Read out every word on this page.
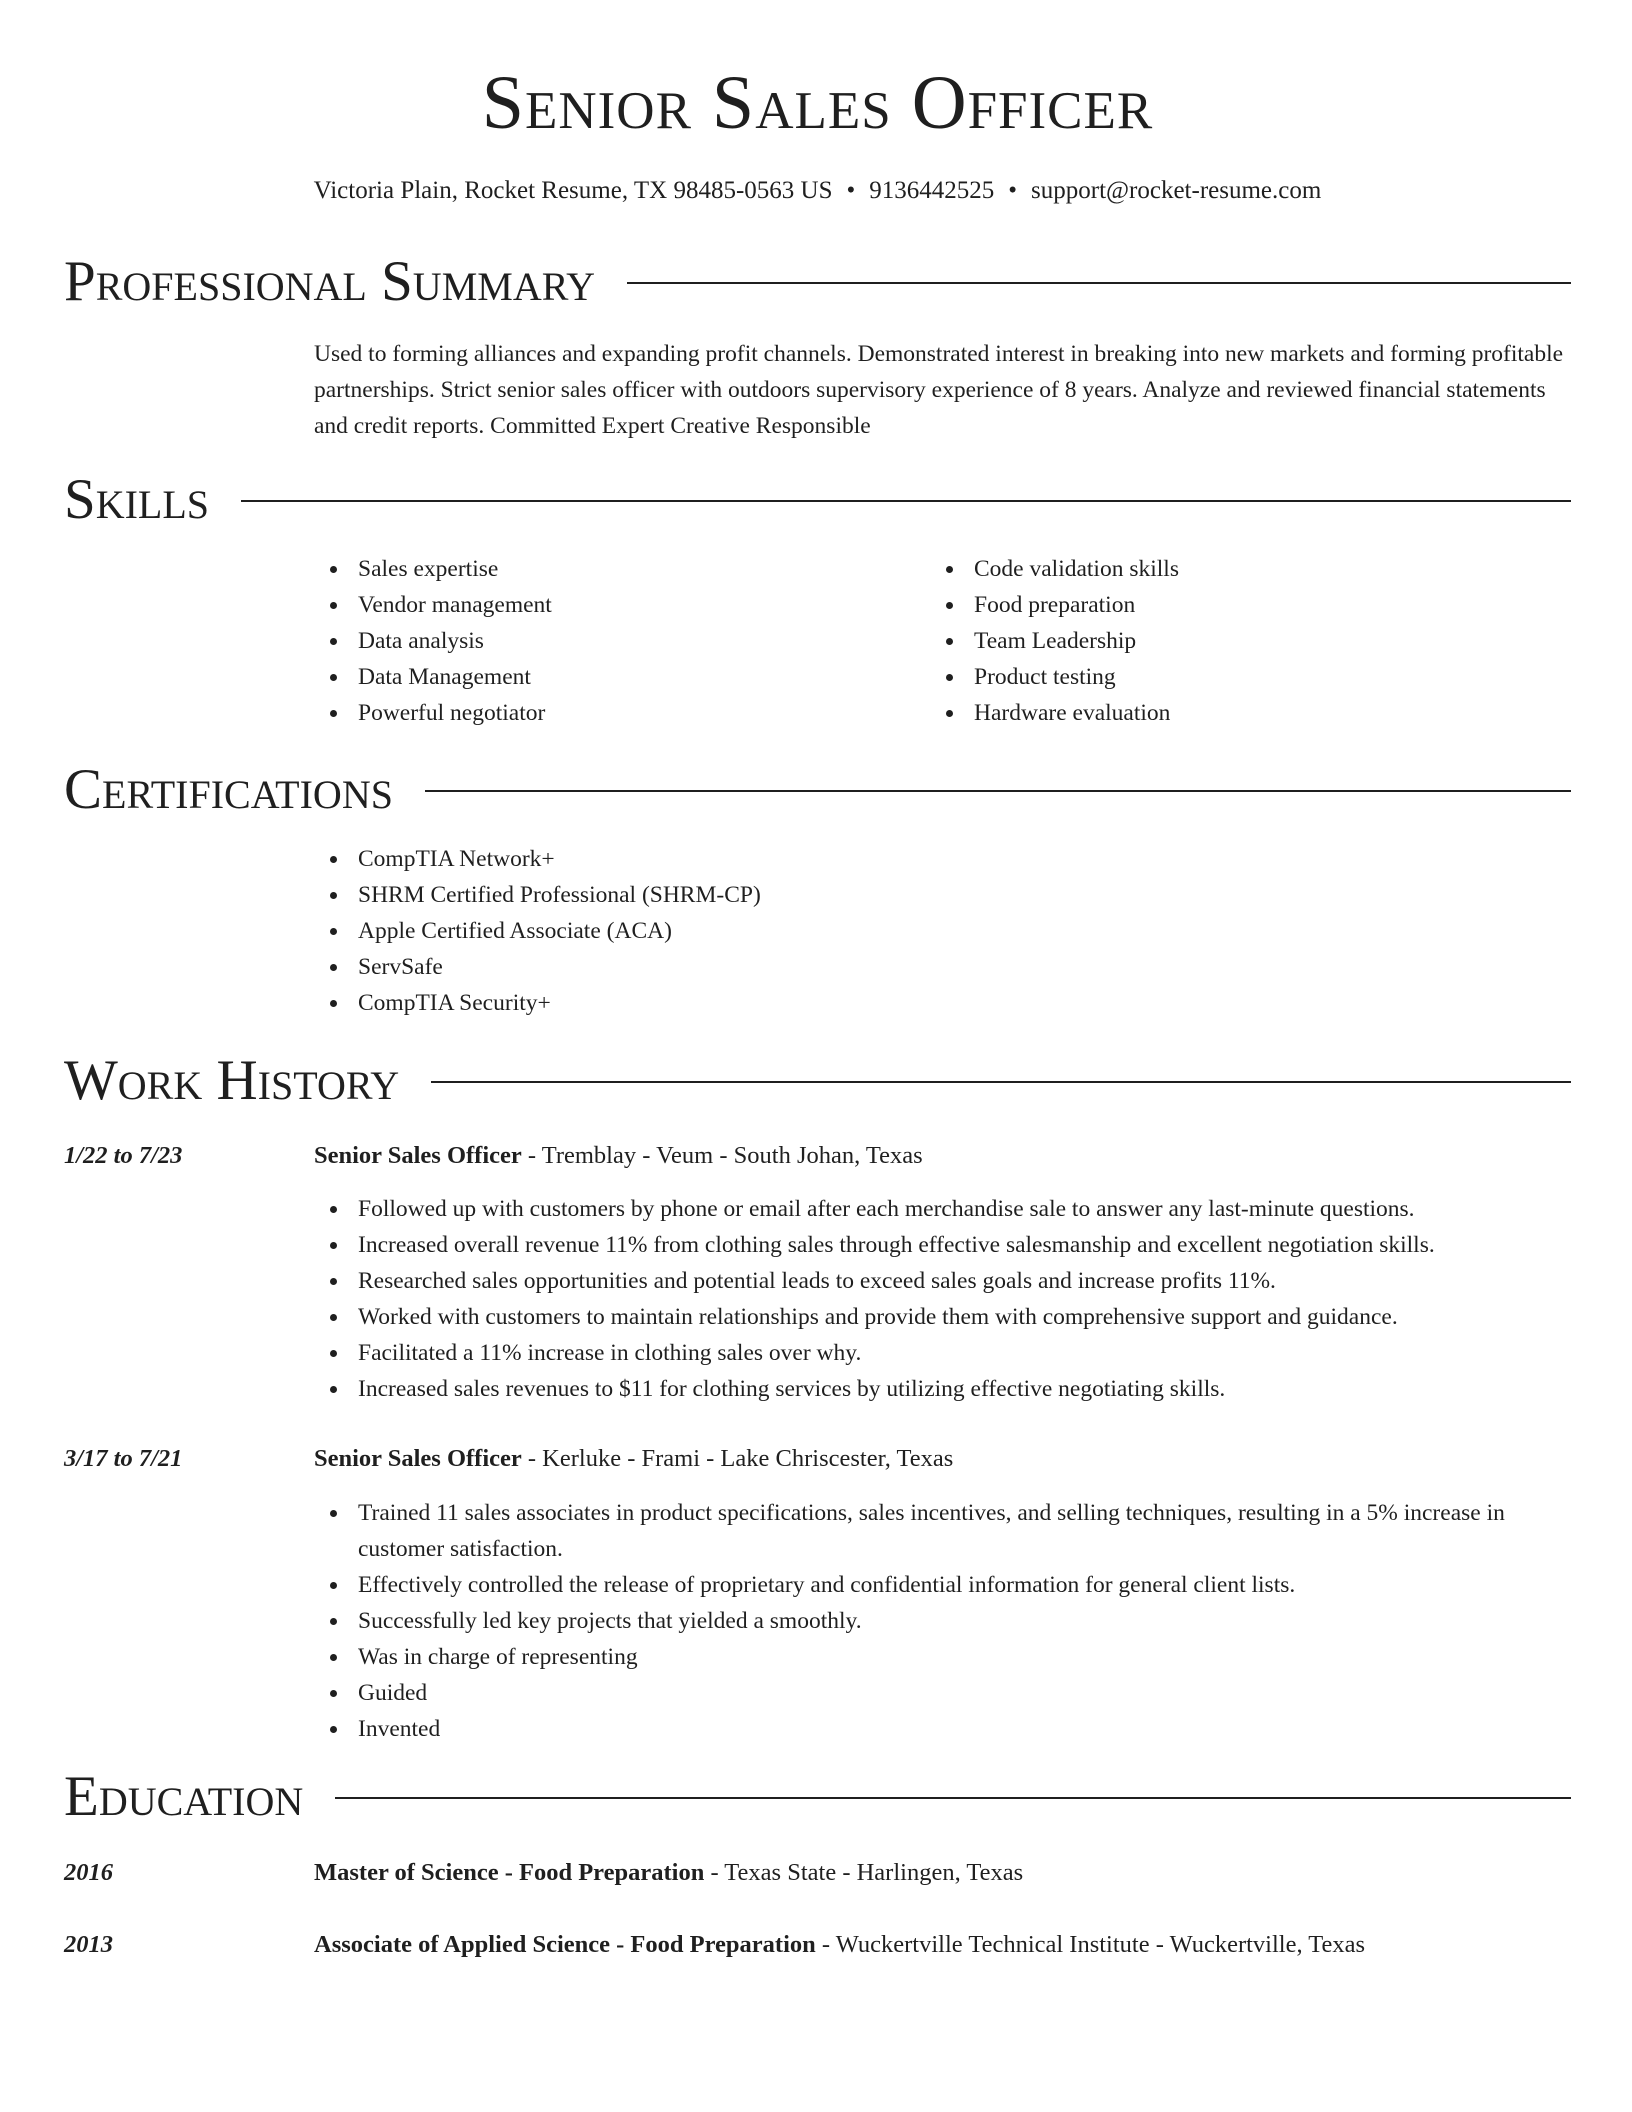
Senior Sales Officer
Victoria Plain, Rocket Resume, TX 98485-0563 US • 9136442525 • support@rocket-resume.com
Professional Summary
Used to forming alliances and expanding profit channels. Demonstrated interest in breaking into new markets and forming profitable partnerships. Strict senior sales officer with outdoors supervisory experience of 8 years. Analyze and reviewed financial statements and credit reports. Committed Expert Creative Responsible
Skills
Sales expertise
Vendor management
Data analysis
Data Management
Powerful negotiator
Code validation skills
Food preparation
Team Leadership
Product testing
Hardware evaluation
Certifications
CompTIA Network+
SHRM Certified Professional (SHRM-CP)
Apple Certified Associate (ACA)
ServSafe
CompTIA Security+
Work History
1/22 to 7/23	Senior Sales Officer - Tremblay - Veum - South Johan, Texas
Followed up with customers by phone or email after each merchandise sale to answer any last-minute questions.
Increased overall revenue 11% from clothing sales through effective salesmanship and excellent negotiation skills.
Researched sales opportunities and potential leads to exceed sales goals and increase profits 11%.
Worked with customers to maintain relationships and provide them with comprehensive support and guidance.
Facilitated a 11% increase in clothing sales over why.
Increased sales revenues to $11 for clothing services by utilizing effective negotiating skills.
3/17 to 7/21	Senior Sales Officer - Kerluke - Frami - Lake Chriscester, Texas
Trained 11 sales associates in product specifications, sales incentives, and selling techniques, resulting in a 5% increase in customer satisfaction.
Effectively controlled the release of proprietary and confidential information for general client lists.
Successfully led key projects that yielded a smoothly.
Was in charge of representing
Guided
Invented
Education
2016	Master of Science - Food Preparation - Texas State - Harlingen, Texas
2013	Associate of Applied Science - Food Preparation - Wuckertville Technical Institute - Wuckertville, Texas
